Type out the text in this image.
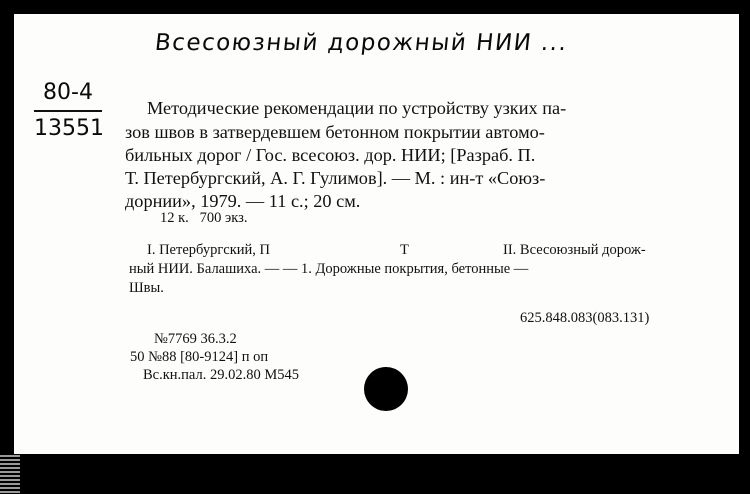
Всесоюзный дорожный НИИ ...
80-4
13551
Методические рекомендации по устройству узких па-
зов швов в затвердевшем бетонном покрытии автомо-
бильных дорог / Гос. всесоюз. дор. НИИ; [Разраб. П.
Т. Петербургский, А. Г. Гулимов]. — М. : ин-т «Союз-
дорнии», 1979. — 11 с.; 20 см.
12 к.   700 экз.
I. Петербургский, П	Т	II. Всесоюзный дорож-
ный НИИ. Балашиха. — — 1. Дорожные покрытия, бетонные —
Швы.
625.848.083(083.131)
№7769 36.3.2
50 №88 [80-9124] п оп
Вс.кн.пал. 29.02.80 М545
